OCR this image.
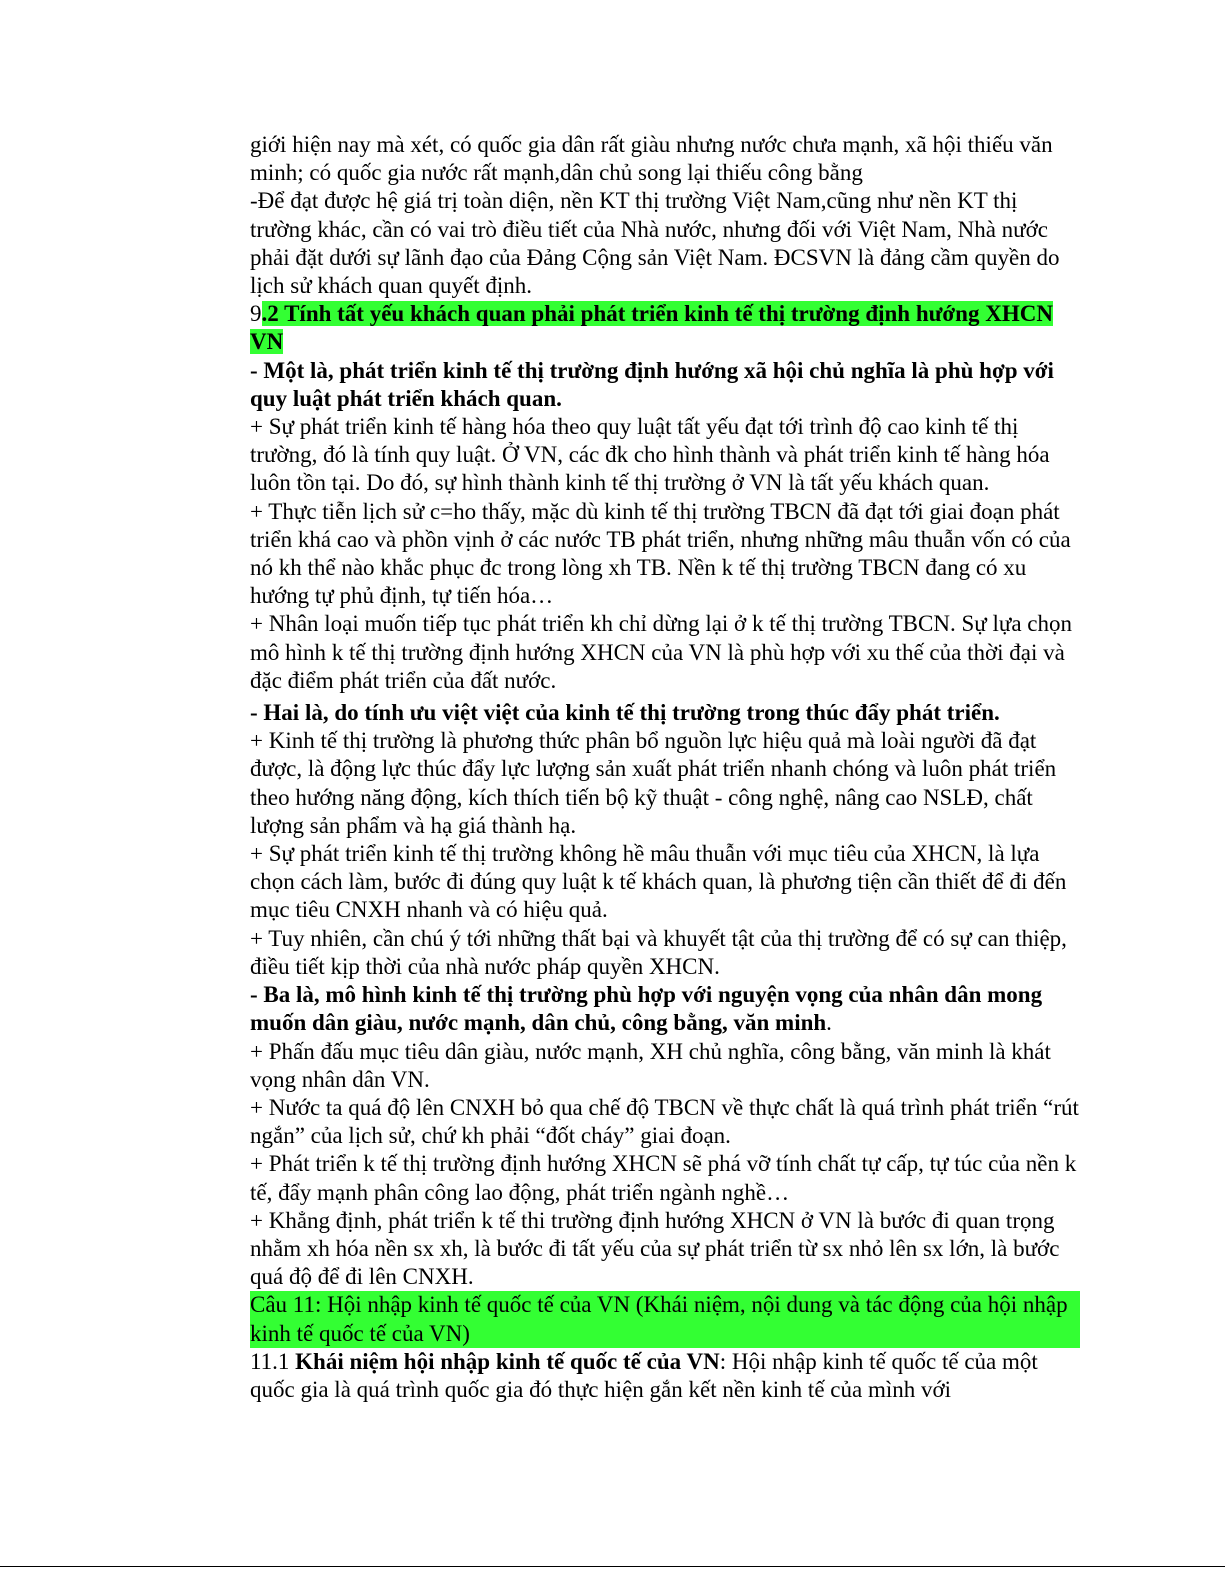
giới hiện nay mà xét, có quốc gia dân rất giàu nhưng nước chưa mạnh, xã hội thiếu văn minh; có quốc gia nước rất mạnh,dân chủ song lại thiếu công bằng

-Để đạt được hệ giá trị toàn diện, nền KT thị trường Việt Nam,cũng như nền KT thị trường khác, cần có vai trò điều tiết của Nhà nước, nhưng đối với Việt Nam, Nhà nước phải đặt dưới sự lãnh đạo của Đảng Cộng sản Việt Nam. ĐCSVN là đảng cầm quyền do lịch sử khách quan quyết định.

9.2 Tính tất yếu khách quan phải phát triển kinh tế thị trường định hướng XHCN VN

- Một là, phát triển kinh tế thị trường định hướng xã hội chủ nghĩa là phù hợp với quy luật phát triển khách quan.

+ Sự phát triển kinh tế hàng hóa theo quy luật tất yếu đạt tới trình độ cao kinh tế thị trường, đó là tính quy luật. Ở VN, các đk cho hình thành và phát triển kinh tế hàng hóa luôn tồn tại. Do đó, sự hình thành kinh tế thị trường ở VN là tất yếu khách quan.

+ Thực tiễn lịch sử c=ho thấy, mặc dù kinh tế thị trường TBCN đã đạt tới giai đoạn phát triển khá cao và phồn vịnh ở các nước TB phát triển, nhưng những mâu thuẫn vốn có của nó kh thể nào khắc phục đc trong lòng xh TB. Nền k tế thị trường TBCN đang có xu hướng tự phủ định, tự tiến hóa…

+ Nhân loại muốn tiếp tục phát triển kh chỉ dừng lại ở k tế thị trường TBCN. Sự lựa chọn mô hình k tế thị trường định hướng XHCN của VN là phù hợp với xu thế của thời đại và đặc điểm phát triển của đất nước.

- Hai là, do tính ưu việt việt của kinh tế thị trường trong thúc đẩy phát triển.

+ Kinh tế thị trường là phương thức phân bổ nguồn lực hiệu quả mà loài người đã đạt được, là động lực thúc đẩy lực lượng sản xuất phát triển nhanh chóng và luôn phát triển theo hướng năng động, kích thích tiến bộ kỹ thuật - công nghệ, nâng cao NSLĐ, chất lượng sản phẩm và hạ giá thành hạ.

+ Sự phát triển kinh tế thị trường không hề mâu thuẫn với mục tiêu của XHCN, là lựa chọn cách làm, bước đi đúng quy luật k tế khách quan, là phương tiện cần thiết để đi đến mục tiêu CNXH nhanh và có hiệu quả.

+ Tuy nhiên, cần chú ý tới những thất bại và khuyết tật của thị trường để có sự can thiệp, điều tiết kịp thời của nhà nước pháp quyền XHCN.

- Ba là, mô hình kinh tế thị trường phù hợp với nguyện vọng của nhân dân mong muốn dân giàu, nước mạnh, dân chủ, công bằng, văn minh.

+ Phấn đấu mục tiêu dân giàu, nước mạnh, XH chủ nghĩa, công bằng, văn minh là khát vọng nhân dân VN.

+ Nước ta quá độ lên CNXH bỏ qua chế độ TBCN về thực chất là quá trình phát triển “rút ngắn” của lịch sử, chứ kh phải “đốt cháy” giai đoạn.

+ Phát triển k tế thị trường định hướng XHCN sẽ phá vỡ tính chất tự cấp, tự túc của nền k tế, đẩy mạnh phân công lao động, phát triển ngành nghề…

+ Khẳng định, phát triển k tế thi trường định hướng XHCN ở VN là bước đi quan trọng nhằm xh hóa nền sx xh, là bước đi tất yếu của sự phát triển từ sx nhỏ lên sx lớn, là bước quá độ để đi lên CNXH.

Câu 11: Hội nhập kinh tế quốc tế của VN (Khái niệm, nội dung và tác động của hội nhập kinh tế quốc tế của VN)

11.1 Khái niệm hội nhập kinh tế quốc tế của VN: Hội nhập kinh tế quốc tế của một quốc gia là quá trình quốc gia đó thực hiện gắn kết nền kinh tế của mình với
